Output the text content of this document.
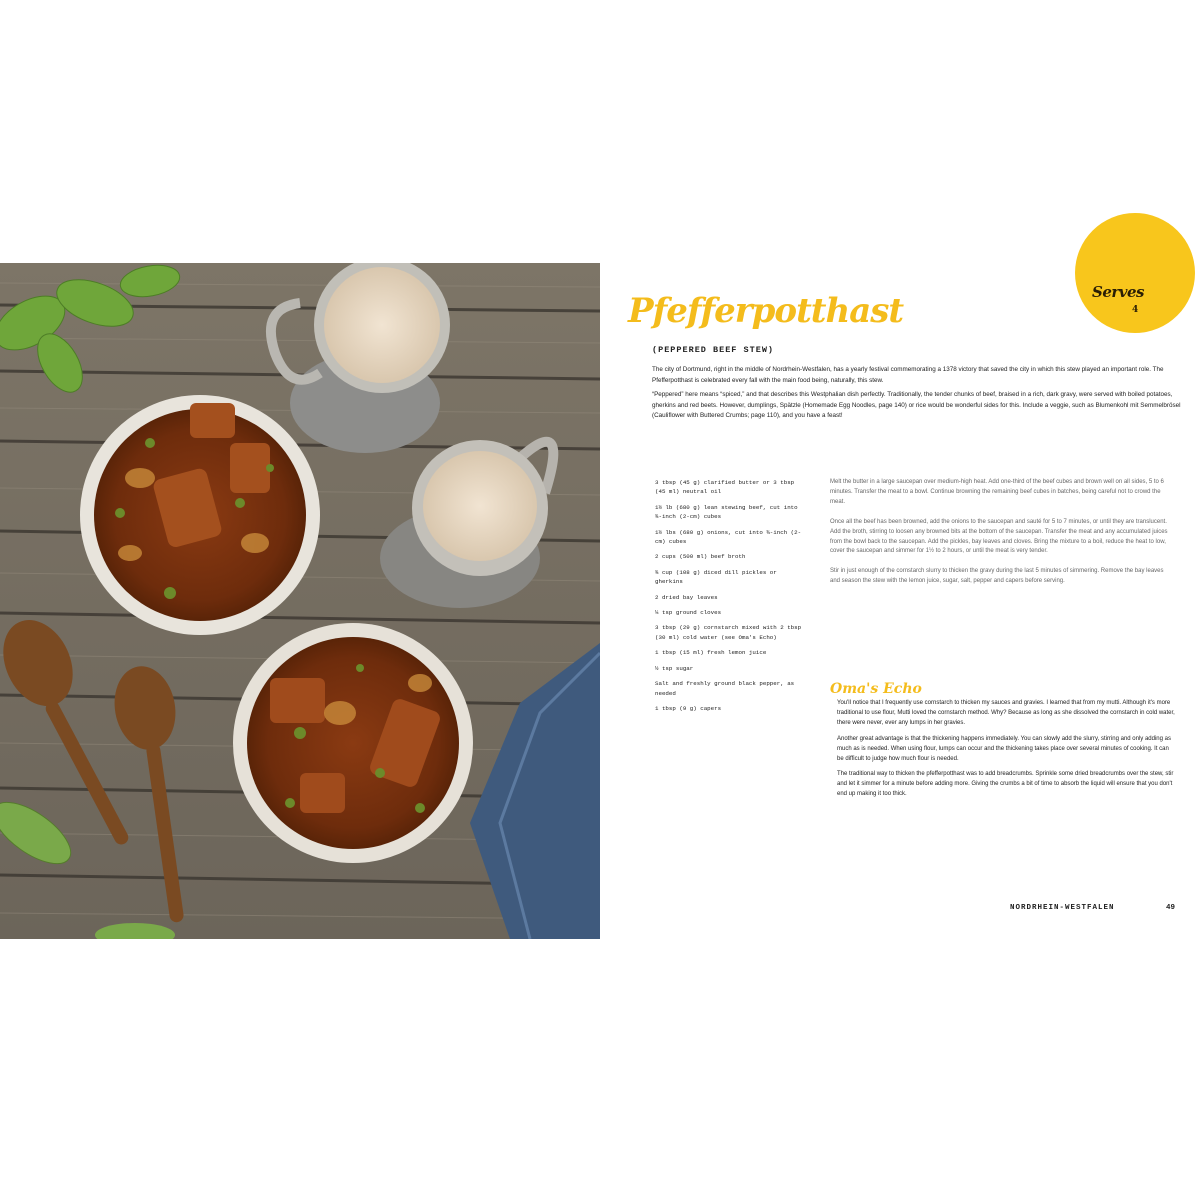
Serves
4
Pfefferpotthast
(PEPPERED BEEF STEW)

The city of Dortmund, right in the middle of Nordrhein-Westfalen, has a yearly festival commemorating a 1378 victory that saved the city in which this stew played an important role. The Pfefferpotthast is celebrated every fall with the main food being, naturally, this stew.

“Peppered” here means “spiced,” and that describes this Westphalian dish perfectly. Traditionally, the tender chunks of beef, braised in a rich, dark gravy, were served with boiled potatoes, gherkins and red beets. However, dumplings, Spätzle (Homemade Egg Noodles, page 140) or rice would be wonderful sides for this. Include a veggie, such as Blumenkohl mit Semmelbrösel (Cauliflower with Buttered Crumbs; page 110), and you have a feast!

3 tbsp (45 g) clarified butter or 3 tbsp (45 ml) neutral oil
1½ lb (680 g) lean stewing beef, cut into ¾-inch (2-cm) cubes
1½ lbs (680 g) onions, cut into ¾-inch (2-cm) cubes
2 cups (500 ml) beef broth
¾ cup (108 g) diced dill pickles or gherkins
2 dried bay leaves
¼ tsp ground cloves
3 tbsp (29 g) cornstarch mixed with 2 tbsp (30 ml) cold water (see Oma's Echo)
1 tbsp (15 ml) fresh lemon juice
½ tsp sugar
Salt and freshly ground black pepper, as needed
1 tbsp (9 g) capers

Melt the butter in a large saucepan over medium-high heat. Add one-third of the beef cubes and brown well on all sides, 5 to 6 minutes. Transfer the meat to a bowl. Continue browning the remaining beef cubes in batches, being careful not to crowd the meat.

Once all the beef has been browned, add the onions to the saucepan and sauté for 5 to 7 minutes, or until they are translucent. Add the broth, stirring to loosen any browned bits at the bottom of the saucepan. Transfer the meat and any accumulated juices from the bowl back to the saucepan. Add the pickles, bay leaves and cloves. Bring the mixture to a boil, reduce the heat to low, cover the saucepan and simmer for 1½ to 2 hours, or until the meat is very tender.

Stir in just enough of the cornstarch slurry to thicken the gravy during the last 5 minutes of simmering. Remove the bay leaves and season the stew with the lemon juice, sugar, salt, pepper and capers before serving.

Oma's Echo

You'll notice that I frequently use cornstarch to thicken my sauces and gravies. I learned that from my mutti. Although it's more traditional to use flour, Mutti loved the cornstarch method. Why? Because as long as she dissolved the cornstarch in cold water, there were never, ever any lumps in her gravies.

Another great advantage is that the thickening happens immediately. You can slowly add the slurry, stirring and only adding as much as is needed. When using flour, lumps can occur and the thickening takes place over several minutes of cooking. It can be difficult to judge how much flour is needed.

The traditional way to thicken the pfefferpotthast was to add breadcrumbs. Sprinkle some dried breadcrumbs over the stew, stir and let it simmer for a minute before adding more. Giving the crumbs a bit of time to absorb the liquid will ensure that you don't end up making it too thick.

NORDRHEIN-WESTFALEN	49
